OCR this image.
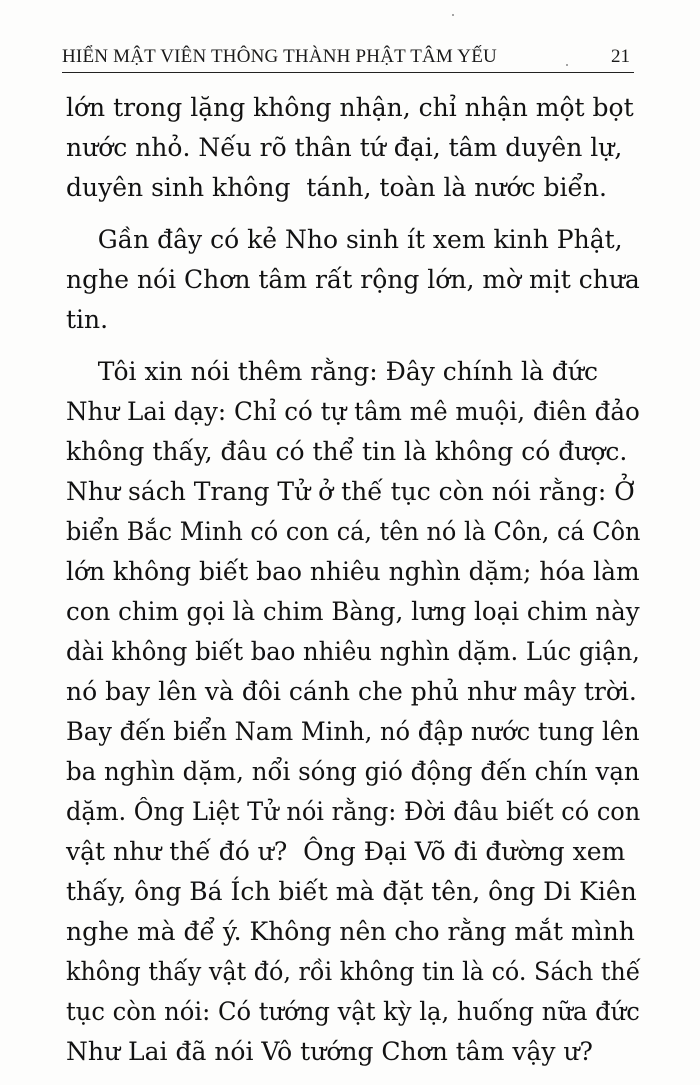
HIỂN MẬT VIÊN THÔNG THÀNH PHẬT TÂM YẾU	21
lớn trong lặng không nhận, chỉ nhận một bọt
nước nhỏ. Nếu rõ thân tứ đại, tâm duyên lự,
duyên sinh không  tánh, toàn là nước biển.
Gần đây có kẻ Nho sinh ít xem kinh Phật,
nghe nói Chơn tâm rất rộng lớn, mờ mịt chưa
tin.
Tôi xin nói thêm rằng: Đây chính là đức
Như Lai dạy: Chỉ có tự tâm mê muội, điên đảo
không thấy, đâu có thể tin là không có được.
Như sách Trang Tử ở thế tục còn nói rằng: Ở
biển Bắc Minh có con cá, tên nó là Côn, cá Côn
lớn không biết bao nhiêu nghìn dặm; hóa làm
con chim gọi là chim Bàng, lưng loại chim này
dài không biết bao nhiêu nghìn dặm. Lúc giận,
nó bay lên và đôi cánh che phủ như mây trời.
Bay đến biển Nam Minh, nó đập nước tung lên
ba nghìn dặm, nổi sóng gió động đến chín vạn
dặm. Ông Liệt Tử nói rằng: Đời đâu biết có con
vật như thế đó ư?  Ông Đại Võ đi đường xem
thấy, ông Bá Ích biết mà đặt tên, ông Di Kiên
nghe mà để ý. Không nên cho rằng mắt mình
không thấy vật đó, rồi không tin là có. Sách thế
tục còn nói: Có tướng vật kỳ lạ, huống nữa đức
Như Lai đã nói Vô tướng Chơn tâm vậy ư?
